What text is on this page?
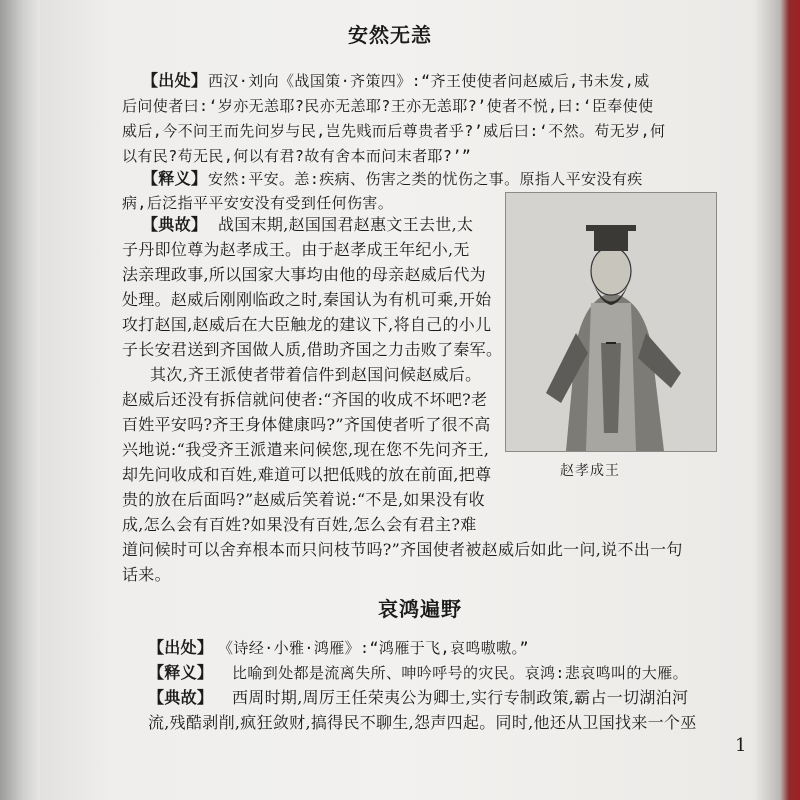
安然无恙
【出处】 西汉·刘向《战国策·齐策四》:“齐王使使者问赵威后,书未发,威
后问使者曰:‘岁亦无恙耶?民亦无恙耶?王亦无恙耶?’使者不悦,曰:‘臣奉使使
威后,今不问王而先问岁与民,岂先贱而后尊贵者乎?’威后曰:‘不然。苟无岁,何
以有民?苟无民,何以有君?故有舍本而问末者耶?’”
【释义】 安然:平安。恙:疾病、伤害之类的忧伤之事。原指人平安没有疾
病,后泛指平平安安没有受到任何伤害。
【典故】 战国末期,赵国国君赵惠文王去世,太
子丹即位尊为赵孝成王。由于赵孝成王年纪小,无
法亲理政事,所以国家大事均由他的母亲赵威后代为
处理。赵威后刚刚临政之时,秦国认为有机可乘,开始
攻打赵国,赵威后在大臣触龙的建议下,将自己的小儿
子长安君送到齐国做人质,借助齐国之力击败了秦军。
其次,齐王派使者带着信件到赵国问候赵威后。
赵威后还没有拆信就问使者:“齐国的收成不坏吧?老
百姓平安吗?齐王身体健康吗?”齐国使者听了很不高
兴地说:“我受齐王派遣来问候您,现在您不先问齐王,
却先问收成和百姓,难道可以把低贱的放在前面,把尊
贵的放在后面吗?”赵威后笑着说:“不是,如果没有收
成,怎么会有百姓?如果没有百姓,怎么会有君主?难
道问候时可以舍弃根本而只问枝节吗?”齐国使者被赵威后如此一问,说不出一句
话来。
赵孝成王
哀鸿遍野
【出处】 《诗经·小雅·鸿雁》:“鸿雁于飞,哀鸣嗷嗷。”
【释义】 比喻到处都是流离失所、呻吟呼号的灾民。哀鸿:悲哀鸣叫的大雁。
【典故】 西周时期,周厉王任荣夷公为卿士,实行专制政策,霸占一切湖泊河
流,残酷剥削,疯狂敛财,搞得民不聊生,怨声四起。同时,他还从卫国找来一个巫
1
